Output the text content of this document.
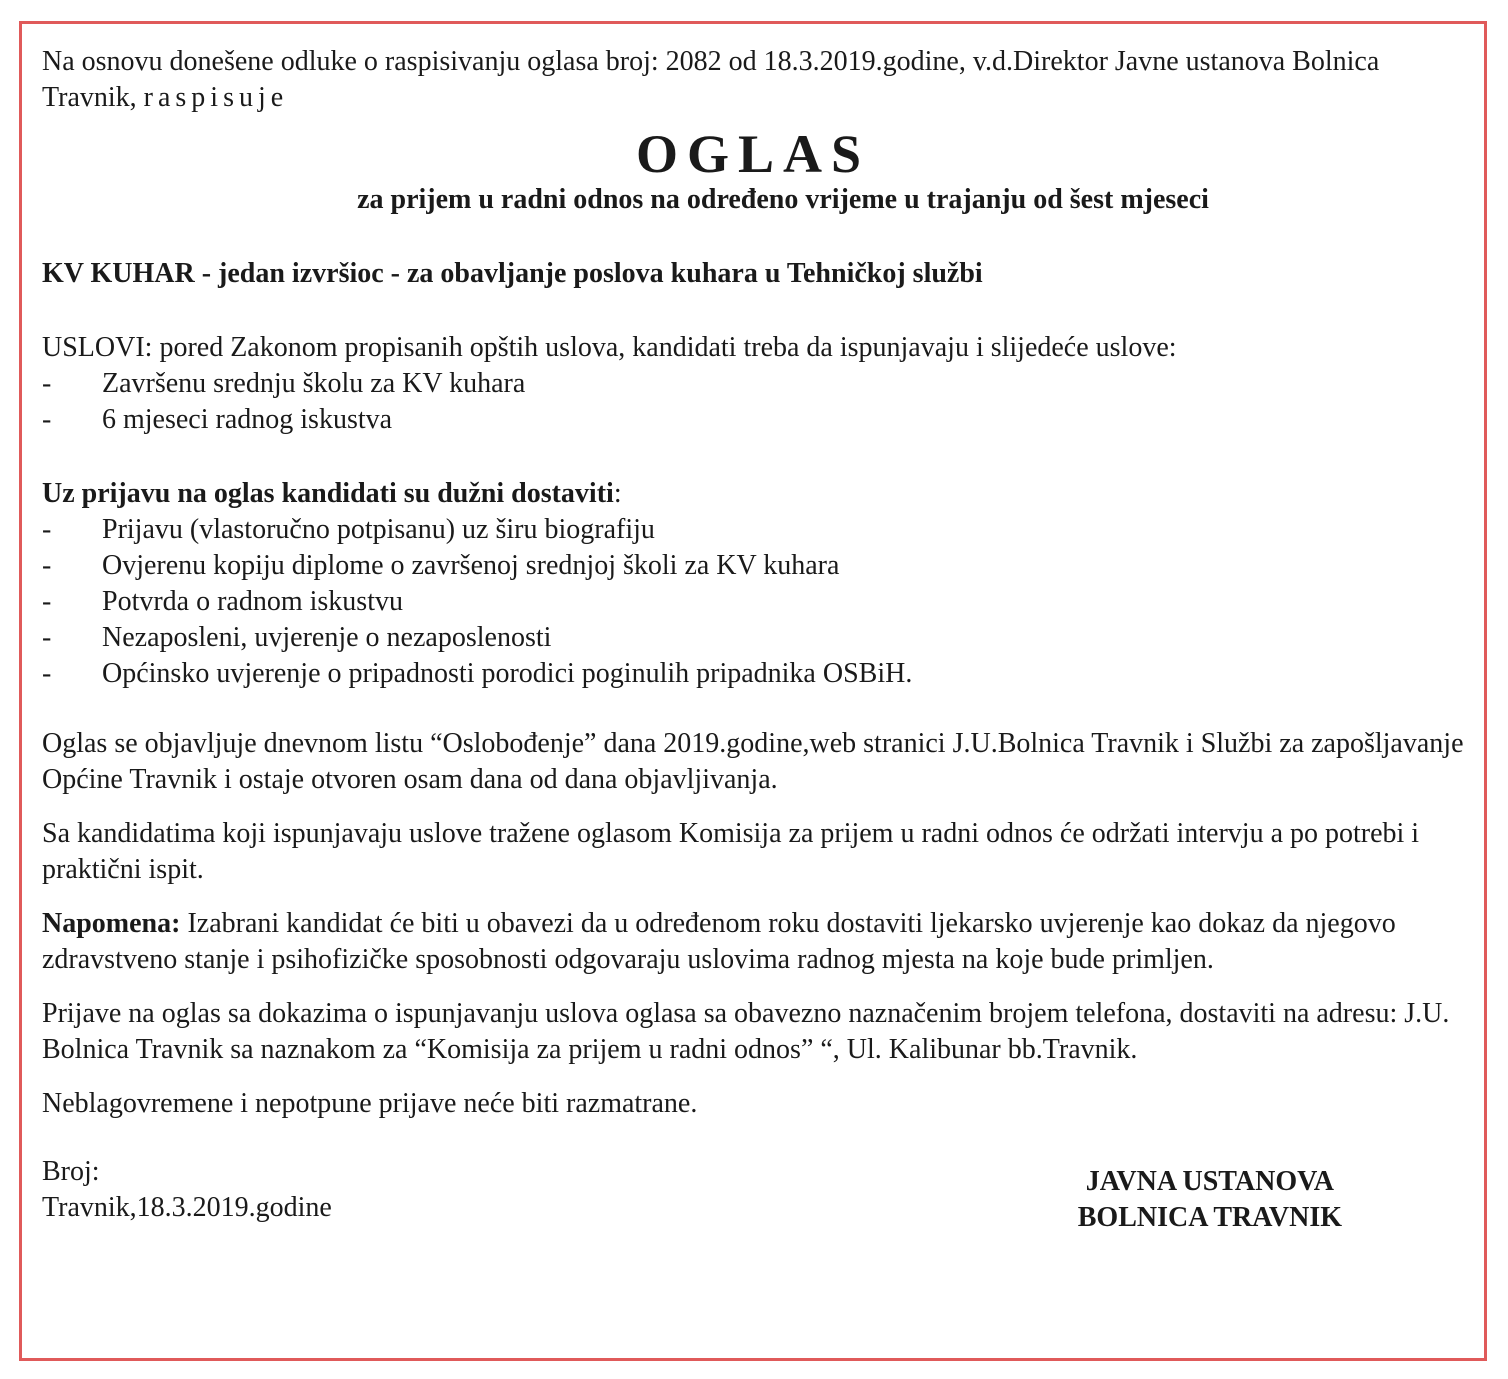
Na osnovu donešene odluke o raspisivanju oglasa broj: 2082 od 18.3.2019.godine, v.d.Direktor Javne ustanova Bolnica Travnik, raspisuje

OGLAS
za prijem u radni odnos na određeno vrijeme u trajanju od šest mjeseci

KV KUHAR - jedan izvršioc - za obavljanje poslova kuhara u Tehničkoj službi

USLOVI: pored Zakonom propisanih opštih uslova, kandidati treba da ispunjavaju i slijedeće uslove:

-	Završenu srednju školu za KV kuhara
-	6 mjeseci radnog iskustva

Uz prijavu na oglas kandidati su dužni dostaviti:

-	Prijavu (vlastoručno potpisanu) uz širu biografiju
-	Ovjerenu kopiju diplome o završenoj srednjoj školi za KV kuhara
-	Potvrda o radnom iskustvu
-	Nezaposleni, uvjerenje o nezaposlenosti
-	Općinsko uvjerenje o pripadnosti porodici poginulih pripadnika OSBiH.

Oglas se objavljuje dnevnom listu “Oslobođenje” dana 2019.godine,web stranici J.U.Bolnica Travnik i Službi za zapošljavanje Općine Travnik i ostaje otvoren osam dana od dana objavljivanja.

Sa kandidatima koji ispunjavaju uslove tražene oglasom Komisija za prijem u radni odnos će održati intervju a po potrebi i praktični ispit.

Napomena: Izabrani kandidat će biti u obavezi da u određenom roku dostaviti ljekarsko uvjerenje kao dokaz da njegovo zdravstveno stanje i psihofizičke sposobnosti odgovaraju uslovima radnog mjesta na koje bude primljen.

Prijave na oglas sa dokazima o ispunjavanju uslova oglasa sa obavezno naznačenim brojem telefona, dostaviti na adresu: J.U. Bolnica Travnik sa naznakom za “Komisija za prijem u radni odnos” “, Ul. Kalibunar bb.Travnik.

Neblagovremene i nepotpune prijave neće biti razmatrane.

Broj:
Travnik,18.3.2019.godine
JAVNA USTANOVA
BOLNICA TRAVNIK
